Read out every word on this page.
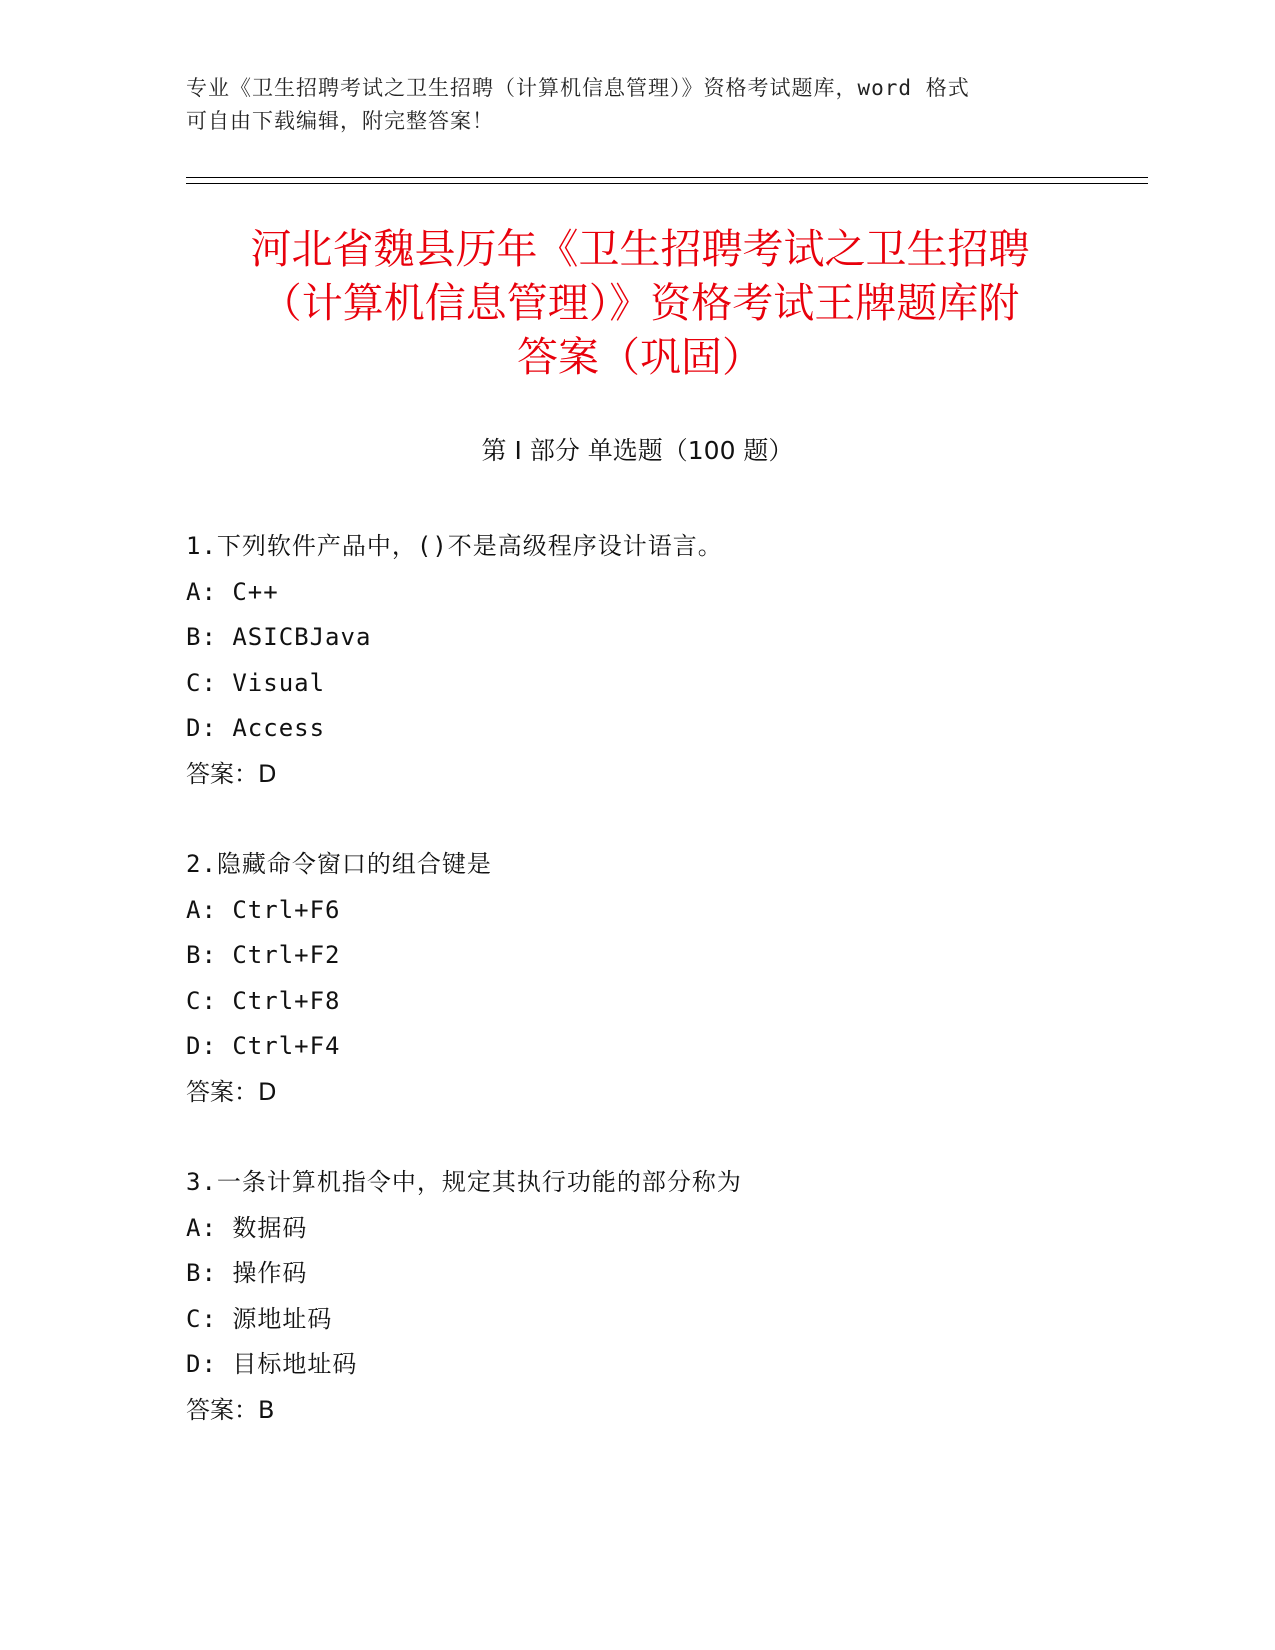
专业《卫生招聘考试之卫生招聘（计算机信息管理）》资格考试题库，word 格式
可自由下载编辑，附完整答案！
河北省魏县历年《卫生招聘考试之卫生招聘
（计算机信息管理）》资格考试王牌题库附
答案（巩固）
第 I 部分 单选题（100 题）
1.下列软件产品中，()不是高级程序设计语言。
A: C++
B: ASICBJava
C: Visual
D: Access
答案：D
2.隐藏命令窗口的组合键是
A: Ctrl+F6
B: Ctrl+F2
C: Ctrl+F8
D: Ctrl+F4
答案：D
3.一条计算机指令中，规定其执行功能的部分称为
A: 数据码
B: 操作码
C: 源地址码
D: 目标地址码
答案：B
